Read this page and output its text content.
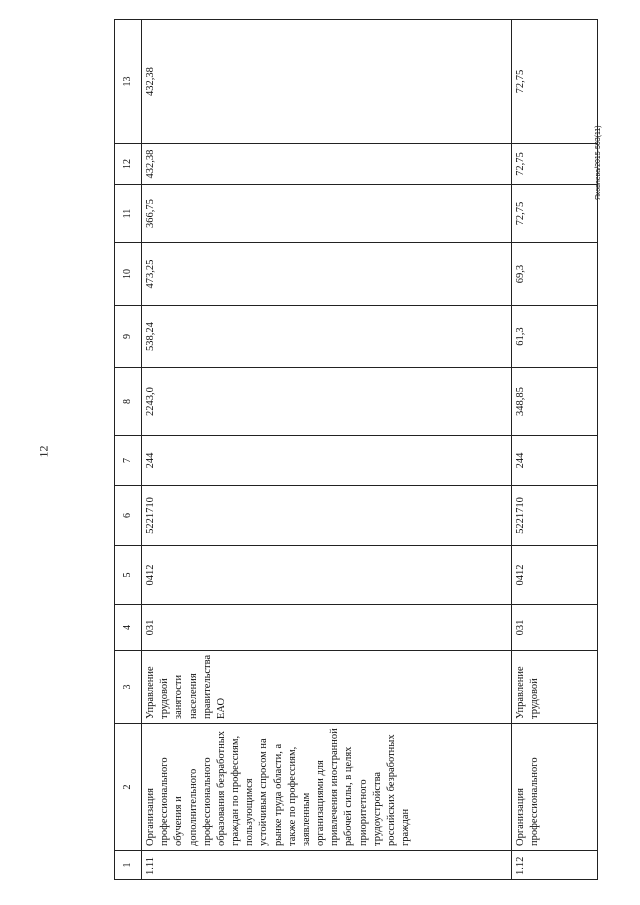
12
Яковлева/2015-503(11)
1	2	3	4	5	6	7	8	9	10	11	12	13
1.11	Организация профессионального обучения и дополнительного профессионального образования безработных граждан по профессиям, пользующимся устойчивым спросом на рынке труда области, а также по профессиям, заявленным организациями для привлечения иностранной рабочей силы, в целях приоритетного трудоустройства российских безработных граждан	Управление трудовой занятости населения правительства ЕАО	031	0412	5221710	244	2243,0	538,24	473,25	366,75	432,38	432,38
1.12	Организация профессионального	Управление трудовой	031	0412	5221710	244	348,85	61,3	69,3	72,75	72,75	72,75
